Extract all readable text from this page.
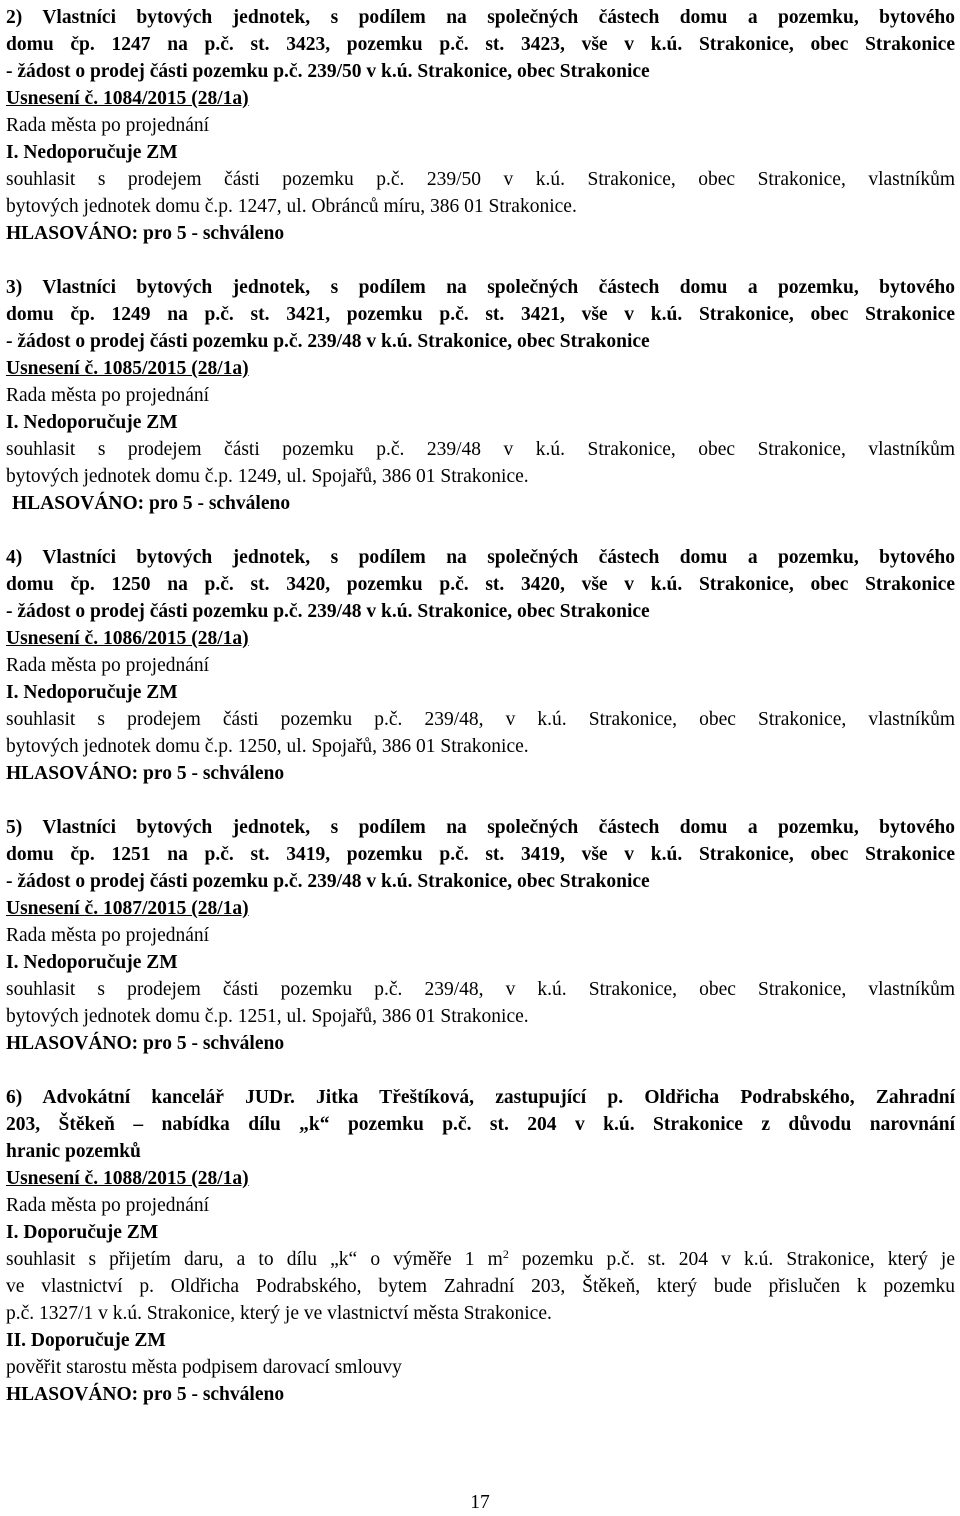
2) Vlastníci bytových jednotek, s podílem na společných částech domu a pozemku, bytového
domu čp. 1247 na p.č. st. 3423, pozemku p.č. st. 3423, vše v k.ú. Strakonice, obec Strakonice
- žádost o prodej části pozemku p.č. 239/50 v k.ú. Strakonice, obec Strakonice
Usnesení č. 1084/2015 (28/1a)
Rada města po projednání
I. Nedoporučuje ZM
souhlasit s prodejem části pozemku p.č. 239/50 v k.ú. Strakonice, obec Strakonice, vlastníkům
bytových jednotek domu č.p. 1247, ul. Obránců míru, 386 01 Strakonice.
HLASOVÁNO: pro 5 - schváleno
3) Vlastníci bytových jednotek, s podílem na společných částech domu a pozemku, bytového
domu čp. 1249 na p.č. st. 3421, pozemku p.č. st. 3421, vše v k.ú. Strakonice, obec Strakonice
- žádost o prodej části pozemku p.č. 239/48 v k.ú. Strakonice, obec Strakonice
Usnesení č. 1085/2015 (28/1a)
Rada města po projednání
I. Nedoporučuje ZM
souhlasit s prodejem části pozemku p.č. 239/48 v k.ú. Strakonice, obec Strakonice, vlastníkům
bytových jednotek domu č.p. 1249, ul. Spojařů, 386 01 Strakonice.
HLASOVÁNO: pro 5 - schváleno
4) Vlastníci bytových jednotek, s podílem na společných částech domu a pozemku, bytového
domu čp. 1250 na p.č. st. 3420, pozemku p.č. st. 3420, vše v k.ú. Strakonice, obec Strakonice
- žádost o prodej části pozemku p.č. 239/48 v k.ú. Strakonice, obec Strakonice
Usnesení č. 1086/2015 (28/1a)
Rada města po projednání
I. Nedoporučuje ZM
souhlasit s prodejem části pozemku p.č. 239/48, v k.ú. Strakonice, obec Strakonice, vlastníkům
bytových jednotek domu č.p. 1250, ul. Spojařů, 386 01 Strakonice.
HLASOVÁNO: pro 5 - schváleno
5) Vlastníci bytových jednotek, s podílem na společných částech domu a pozemku, bytového
domu čp. 1251 na p.č. st. 3419, pozemku p.č. st. 3419, vše v k.ú. Strakonice, obec Strakonice
- žádost o prodej části pozemku p.č. 239/48 v k.ú. Strakonice, obec Strakonice
Usnesení č. 1087/2015 (28/1a)
Rada města po projednání
I. Nedoporučuje ZM
souhlasit s prodejem části pozemku p.č. 239/48, v k.ú. Strakonice, obec Strakonice, vlastníkům
bytových jednotek domu č.p. 1251, ul. Spojařů, 386 01 Strakonice.
HLASOVÁNO: pro 5 - schváleno
6) Advokátní kancelář JUDr. Jitka Třeštíková, zastupující p. Oldřicha Podrabského, Zahradní
203, Štěkeň – nabídka dílu „k“ pozemku p.č. st. 204 v k.ú. Strakonice z důvodu narovnání
hranic pozemků
Usnesení č. 1088/2015 (28/1a)
Rada města po projednání
I. Doporučuje ZM
souhlasit s přijetím daru, a to dílu „k“ o výměře 1 $m^2$ pozemku p.č. st. 204 v k.ú. Strakonice, který je
ve vlastnictví p. Oldřicha Podrabského, bytem Zahradní 203, Štěkeň, který bude přislučen k pozemku
p.č. 1327/1 v k.ú. Strakonice, který je ve vlastnictví města Strakonice.
II. Doporučuje ZM
pověřit starostu města podpisem darovací smlouvy
HLASOVÁNO: pro 5 - schváleno
17
